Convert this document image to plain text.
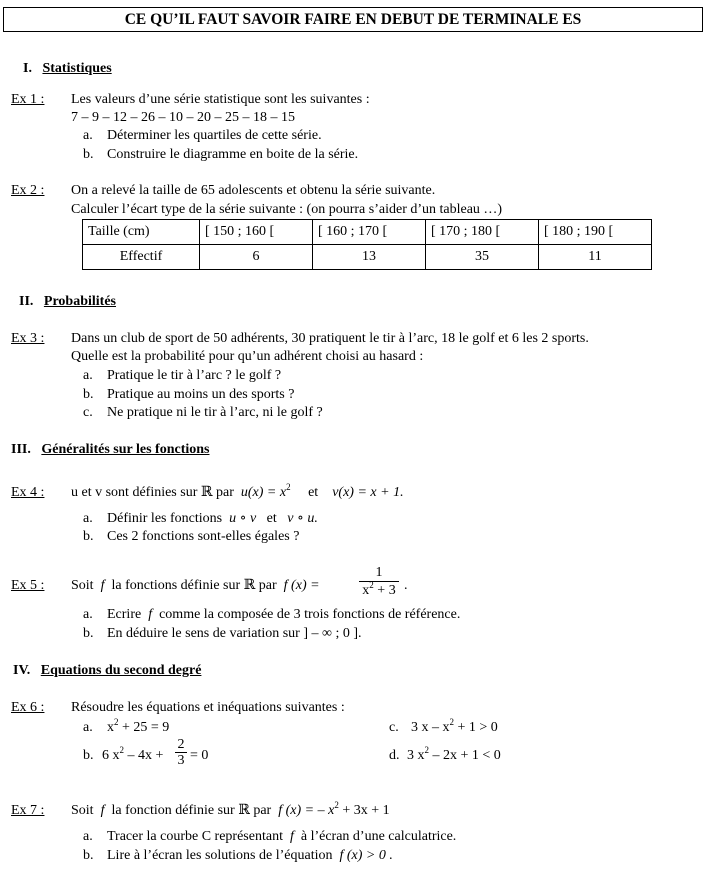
CE QU’IL FAUT SAVOIR FAIRE EN DEBUT DE TERMINALE ES
I. Statistiques
Ex 1 : Les valeurs d’une série statistique sont les suivantes :
7 – 9 – 12 – 26 – 10 – 20 – 25 – 18 – 15
a. Déterminer les quartiles de cette série.
b. Construire le diagramme en boite de la série.
Ex 2 : On a relevé la taille de 65 adolescents et obtenu la série suivante.
Calculer l’écart type de la série suivante : (on pourra s’aider d’un tableau …)
Taille (cm)	[ 150 ; 160 [	[ 160 ; 170 [	[ 170 ; 180 [	[ 180 ; 190 [
Effectif	6	13	35	11
II. Probabilités
Ex 3 : Dans un club de sport de 50 adhérents, 30 pratiquent le tir à l’arc, 18 le golf et 6 les 2 sports.
Quelle est la probabilité pour qu’un adhérent choisi au hasard :
a. Pratique le tir à l’arc ? le golf ?
b. Pratique au moins un des sports ?
c. Ne pratique ni le tir à l’arc, ni le golf ?
III. Généralités sur les fonctions
Ex 4 : u et v sont définies sur ℝ par $u(x) = x^2$ et v(x) = x + 1.
a. Définir les fonctions u ∘ v et v ∘ u.
b. Ces 2 fonctions sont-elles égales ?
Ex 5 : Soit f la fonctions définie sur ℝ par f (x) =	$\frac{1}{x^2 + 3}$ .
a. Ecrire f comme la composée de 3 trois fonctions de référence.
b. En déduire le sens de variation sur ] – ∞ ; 0 ].
IV. Equations du second degré
Ex 6 : Résoudre les équations et inéquations suivantes :
a. $x^2 + 25 = 9$	c. 3 $x - x^2 + 1 > 0$
b. 6 $x^2 - 4x + \frac{2}{3} = 0$	d. 3 $x^2 - 2x + 1 < 0$
Ex 7 : Soit f la fonction définie sur ℝ par f (x) = – $x^2 + 3x + 1$
a. Tracer la courbe C représentant f à l’écran d’une calculatrice.
b. Lire à l’écran les solutions de l’équation f (x) > 0 .
